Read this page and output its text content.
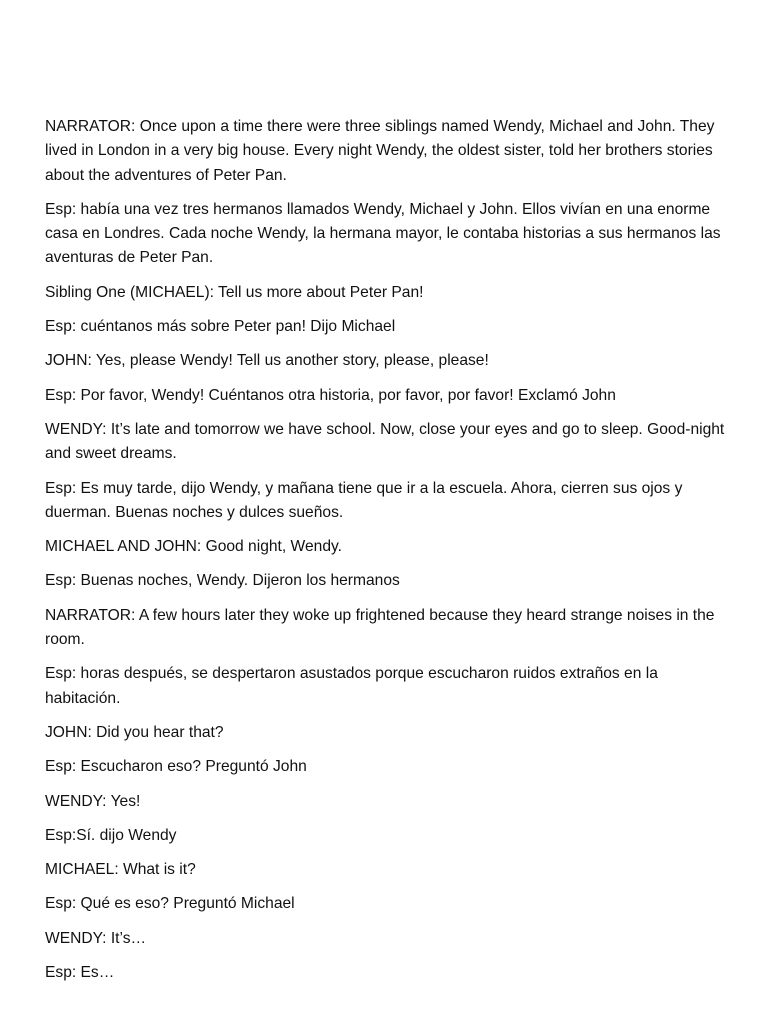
NARRATOR: Once upon a time there were three siblings named Wendy, Michael and John. They lived in London in a very big house. Every night Wendy, the oldest sister, told her brothers stories about the adventures of Peter Pan.

Esp: había una vez tres hermanos llamados Wendy, Michael y John. Ellos vivían en una enorme casa en Londres. Cada noche Wendy, la hermana mayor, le contaba historias a sus hermanos las aventuras de Peter Pan.

Sibling One (MICHAEL): Tell us more about Peter Pan!

Esp: cuéntanos más sobre Peter pan! Dijo Michael

JOHN: Yes, please Wendy! Tell us another story, please, please!

Esp: Por favor, Wendy! Cuéntanos otra historia, por favor, por favor! Exclamó John

WENDY: It’s late and tomorrow we have school. Now, close your eyes and go to sleep. Good-night and sweet dreams.

Esp: Es muy tarde, dijo Wendy, y mañana tiene que ir a la escuela. Ahora, cierren sus ojos y duerman. Buenas noches y dulces sueños.

MICHAEL AND JOHN: Good night, Wendy.

Esp: Buenas noches, Wendy. Dijeron los hermanos

NARRATOR: A few hours later they woke up frightened because they heard strange noises in the room.

Esp: horas después, se despertaron asustados porque escucharon ruidos extraños en la habitación.

JOHN: Did you hear that?

Esp: Escucharon eso? Preguntó John

WENDY: Yes!

Esp:Sí. dijo Wendy

MICHAEL: What is it?

Esp: Qué es eso? Preguntó Michael

WENDY: It’s…

Esp: Es…
